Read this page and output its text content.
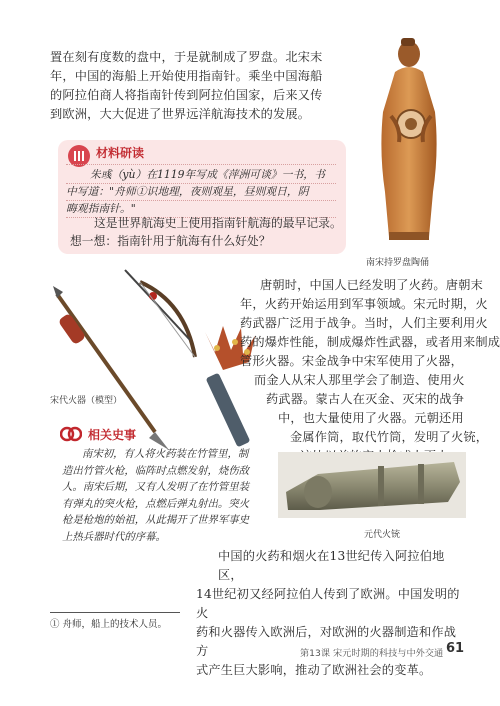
置在刻有度数的盘中，于是就制成了罗盘。北宋末
年，中国的海船上开始使用指南针。乘坐中国海船
的阿拉伯商人将指南针传到阿拉伯国家，后来又传
到欧洲，大大促进了世界远洋航海技术的发展。
材料研读
朱彧（yù）在1119年写成《萍洲可谈》一书，书
中写道："舟师①识地理，夜则观星，昼则观日，阴
晦观指南针。"
这是世界航海史上使用指南针航海的最早记录。
想一想：指南针用于航海有什么好处？
南宋持罗盘陶俑
宋代火器（模型）
唐朝时，中国人已经发明了火药。唐朝末
年，火药开始运用到军事领域。宋元时期，火
药武器广泛用于战争。当时，人们主要利用火
药的爆炸性能，制成爆炸性武器，或者用来制成
管形火器。宋金战争中宋军使用了火器，
而金人从宋人那里学会了制造、使用火
药武器。蒙古人在灭金、灭宋的战争
中，也大量使用了火器。元朝还用
金属作筒，取代竹筒，发明了火铳，
相关史事
南宋初，有人将火药装在竹管里，制
造出竹管火枪，临阵时点燃发射，烧伤敌
人。南宋后期，又有人发明了在竹管里装
有弹丸的突火枪，点燃后弹丸射出。突火
枪是枪炮的始祖，从此揭开了世界军事史
上热兵器时代的序幕。	元代火铳
中国的火药和烟火在13世纪传入阿拉伯地区，
14世纪初又经阿拉伯人传到了欧洲。中国发明的火
药和火器传入欧洲后，对欧洲的火器制造和作战方
式产生巨大影响，推动了欧洲社会的变革。
① 舟师，船上的技术人员。
第13课 宋元时期的科技与中外交通 61
